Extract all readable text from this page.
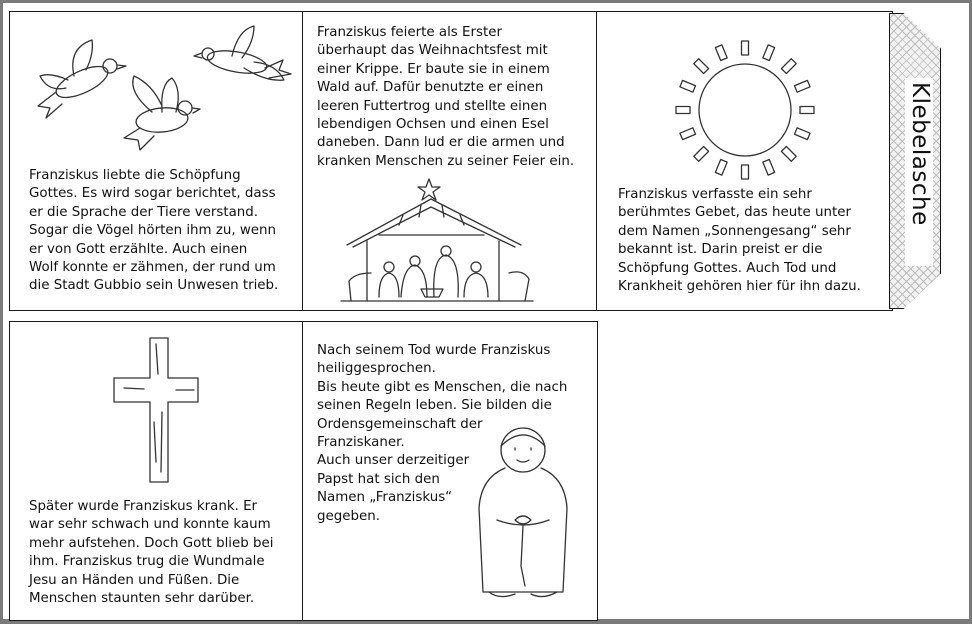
Franziskus liebte die Schöpfung
Gottes. Es wird sogar berichtet, dass
er die Sprache der Tiere verstand.
Sogar die Vögel hörten ihm zu, wenn
er von Gott erzählte. Auch einen
Wolf konnte er zähmen, der rund um
die Stadt Gubbio sein Unwesen trieb.
Franziskus feierte als Erster
überhaupt das Weihnachtsfest mit
einer Krippe. Er baute sie in einem
Wald auf. Dafür benutzte er einen
leeren Futtertrog und stellte einen
lebendigen Ochsen und einen Esel
daneben. Dann lud er die armen und
kranken Menschen zu seiner Feier ein.
Franziskus verfasste ein sehr
berühmtes Gebet, das heute unter
dem Namen „Sonnengesang“ sehr
bekannt ist. Darin preist er die
Schöpfung Gottes. Auch Tod und
Krankheit gehören hier für ihn dazu.
Klebelasche
Später wurde Franziskus krank. Er
war sehr schwach und konnte kaum
mehr aufstehen. Doch Gott blieb bei
ihm. Franziskus trug die Wundmale
Jesu an Händen und Füßen. Die
Menschen staunten sehr darüber.
Nach seinem Tod wurde Franziskus
heiliggesprochen.
Bis heute gibt es Menschen, die nach
seinen Regeln leben. Sie bilden die
Ordensgemeinschaft der
Franziskaner.
Auch unser derzeitiger
Papst hat sich den
Namen „Franziskus“
gegeben.
